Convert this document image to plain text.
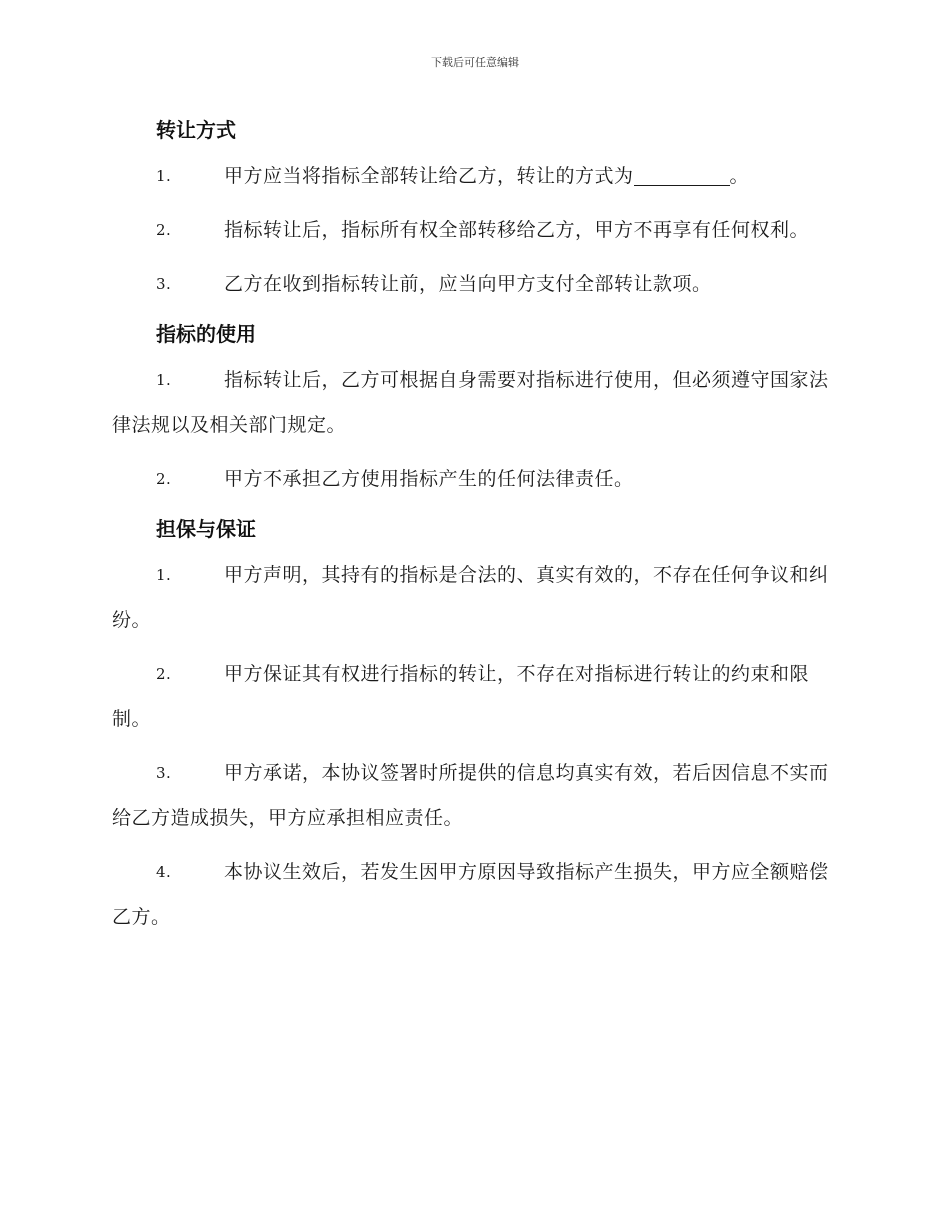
下载后可任意编辑
转让方式

1.	甲方应当将指标全部转让给乙方，转让的方式为	。

2.	指标转让后，指标所有权全部转移给乙方，甲方不再享有任何权利。

3.	乙方在收到指标转让前，应当向甲方支付全部转让款项。

指标的使用

1.	指标转让后，乙方可根据自身需要对指标进行使用，但必须遵守国家法律法规以及相关部门规定。

2.	甲方不承担乙方使用指标产生的任何法律责任。

担保与保证

1.	甲方声明，其持有的指标是合法的、真实有效的，不存在任何争议和纠纷。

2.	甲方保证其有权进行指标的转让，不存在对指标进行转让的约束和限制。

3.	甲方承诺，本协议签署时所提供的信息均真实有效，若后因信息不实而给乙方造成损失，甲方应承担相应责任。

4.	本协议生效后，若发生因甲方原因导致指标产生损失，甲方应全额赔偿乙方。
